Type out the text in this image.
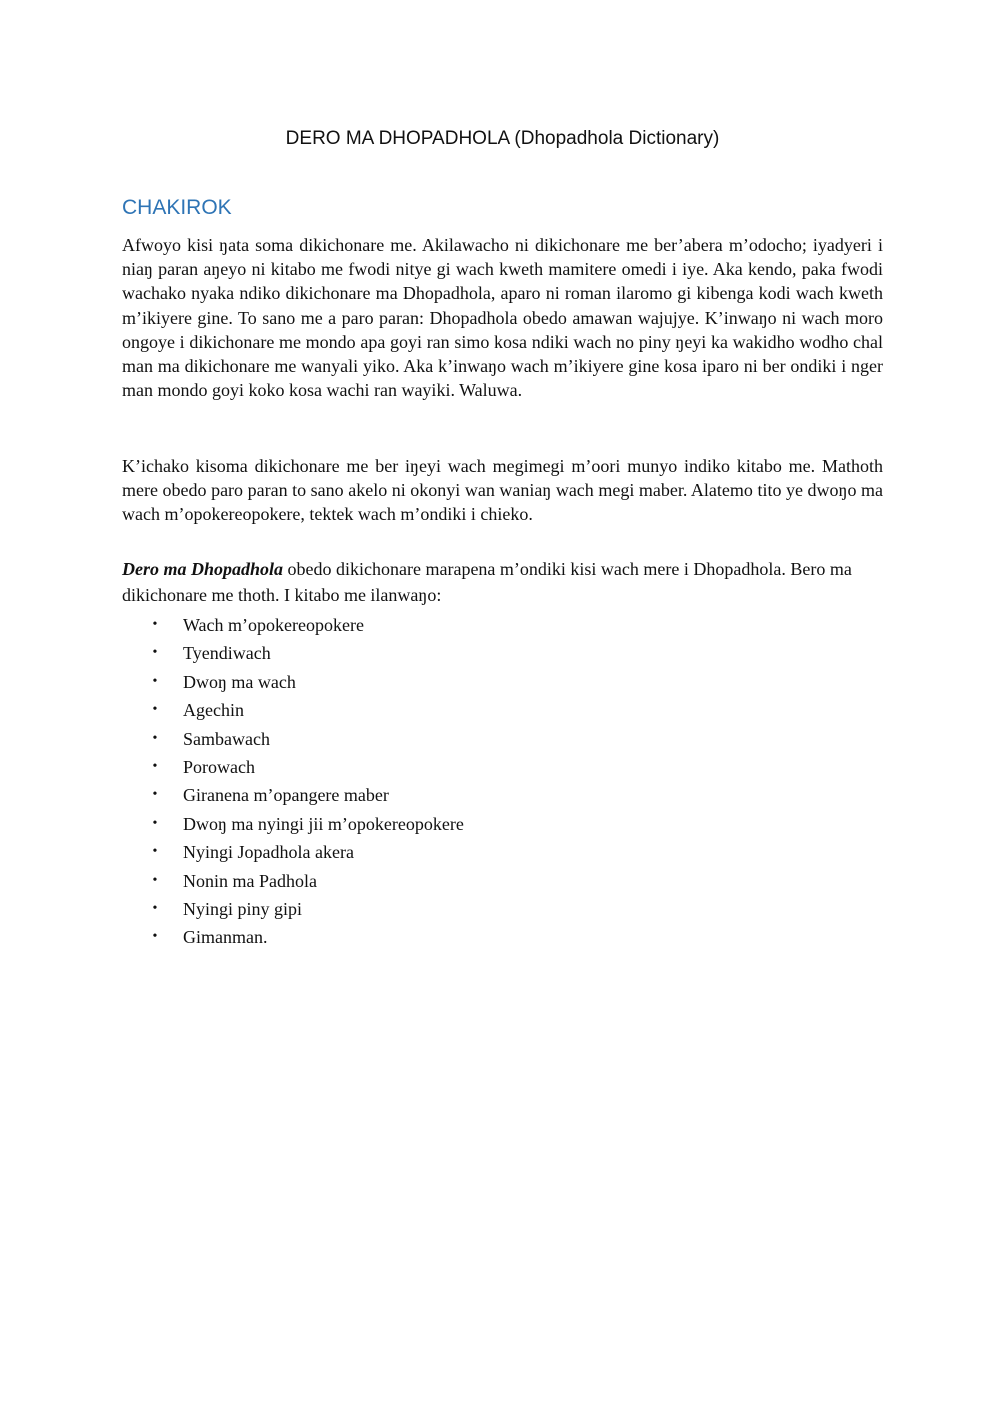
DERO MA DHOPADHOLA (Dhopadhola Dictionary)
CHAKIROK

Afwoyo kisi ŋata soma dikichonare me. Akilawacho ni dikichonare me ber’abera m’odocho; iyadyeri i niaŋ paran aŋeyo ni kitabo me fwodi nitye gi wach kweth mamitere omedi i iye. Aka kendo, paka fwodi wachako nyaka ndiko dikichonare ma Dhopadhola, aparo ni roman ilaromo gi kibenga kodi wach kweth m’ikiyere gine. To sano me a paro paran: Dhopadhola obedo amawan wajujye. K’inwaŋo ni wach moro ongoye i dikichonare me mondo apa goyi ran simo kosa ndiki wach no piny ŋeyi ka wakidho wodho chal man ma dikichonare me wanyali yiko. Aka k’inwaŋo wach m’ikiyere gine kosa iparo ni ber ondiki i nger man mondo goyi koko kosa wachi ran wayiki. Waluwa.

K’ichako kisoma dikichonare me ber iŋeyi wach megimegi m’oori munyo indiko kitabo me. Mathoth mere obedo paro paran to sano akelo ni okonyi wan waniaŋ wach megi maber. Alatemo tito ye dwoŋo ma wach m’opokereopokere, tektek wach m’ondiki i chieko.

Dero ma Dhopadhola obedo dikichonare marapena m’ondiki kisi wach mere i Dhopadhola. Bero ma dikichonare me thoth. I kitabo me ilanwaŋo:

• Wach m’opokereopokere
• Tyendiwach
• Dwoŋ ma wach
• Agechin
• Sambawach
• Porowach
• Giranena m’opangere maber
• Dwoŋ ma nyingi jii m’opokereopokere
• Nyingi Jopadhola akera
• Nonin ma Padhola
• Nyingi piny gipi
• Gimanman.
